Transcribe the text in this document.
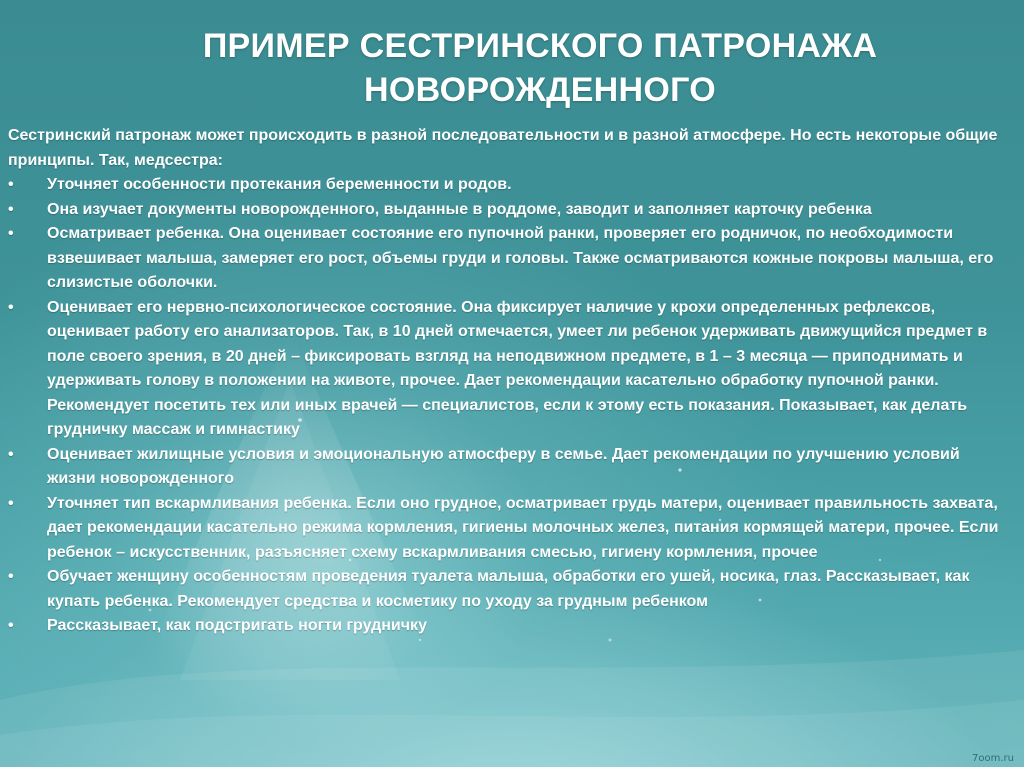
ПРИМЕР СЕСТРИНСКОГО ПАТРОНАЖА
НОВОРОЖДЕННОГО
Сестринский патронаж может происходить в разной последовательности и в разной атмосфере. Но есть некоторые общие принципы. Так, медсестра:
•	Уточняет особенности протекания беременности и родов.
•	Она изучает документы новорожденного, выданные в роддоме, заводит и заполняет карточку ребенка
•	Осматривает ребенка. Она оценивает состояние его пупочной ранки, проверяет его родничок, по необходимости взвешивает малыша, замеряет его рост, объемы груди и головы. Также осматриваются кожные покровы малыша, его слизистые оболочки.
•	Оценивает его нервно-психологическое состояние. Она фиксирует наличие у крохи определенных рефлексов, оценивает работу его анализаторов. Так, в 10 дней отмечается, умеет ли ребенок удерживать движущийся предмет в поле своего зрения, в 20 дней – фиксировать взгляд на неподвижном предмете, в 1 – 3 месяца — приподнимать и удерживать голову в положении на животе, прочее. Дает рекомендации касательно обработку пупочной ранки. Рекомендует посетить тех или иных врачей — специалистов, если к этому есть показания. Показывает, как делать грудничку массаж и гимнастику
•	Оценивает жилищные условия и эмоциональную атмосферу в семье. Дает рекомендации по улучшению условий жизни новорожденного
•	Уточняет тип вскармливания ребенка. Если оно грудное, осматривает грудь матери, оценивает правильность захвата, дает рекомендации касательно режима кормления, гигиены молочных желез, питания кормящей матери, прочее. Если ребенок – искусственник, разъясняет схему вскармливания смесью, гигиену кормления, прочее
•	Обучает женщину особенностям проведения туалета малыша, обработки его ушей, носика, глаз. Рассказывает, как купать ребенка. Рекомендует средства и косметику по уходу за грудным ребенком
•	Рассказывает, как подстригать ногти грудничку
7oom.ru
